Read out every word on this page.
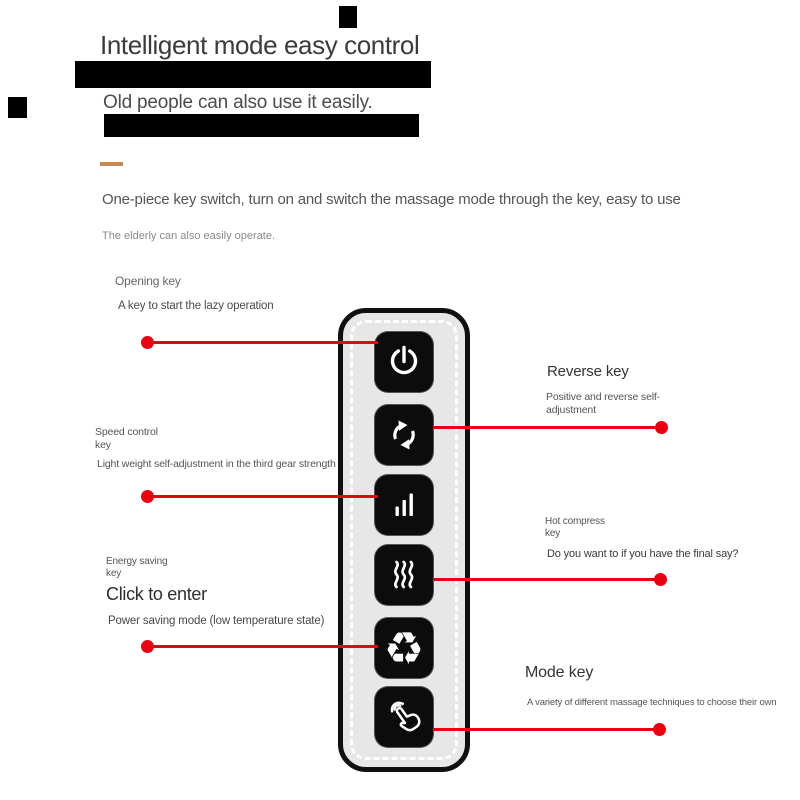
Intelligent mode easy control
Old people can also use it easily.
One-piece key switch, turn on and switch the massage mode through the key, easy to use
The elderly can also easily operate.
Opening key
A key to start the lazy operation
Speed control
key
Light weight self-adjustment in the third gear strength
Energy saving
key
Click to enter
Power saving mode (low temperature state)
Reverse key
Positive and reverse self-adjustment
Hot compress
key
Do you want to if you have the final say?
Mode key
A variety of different massage techniques to choose their own
♻
